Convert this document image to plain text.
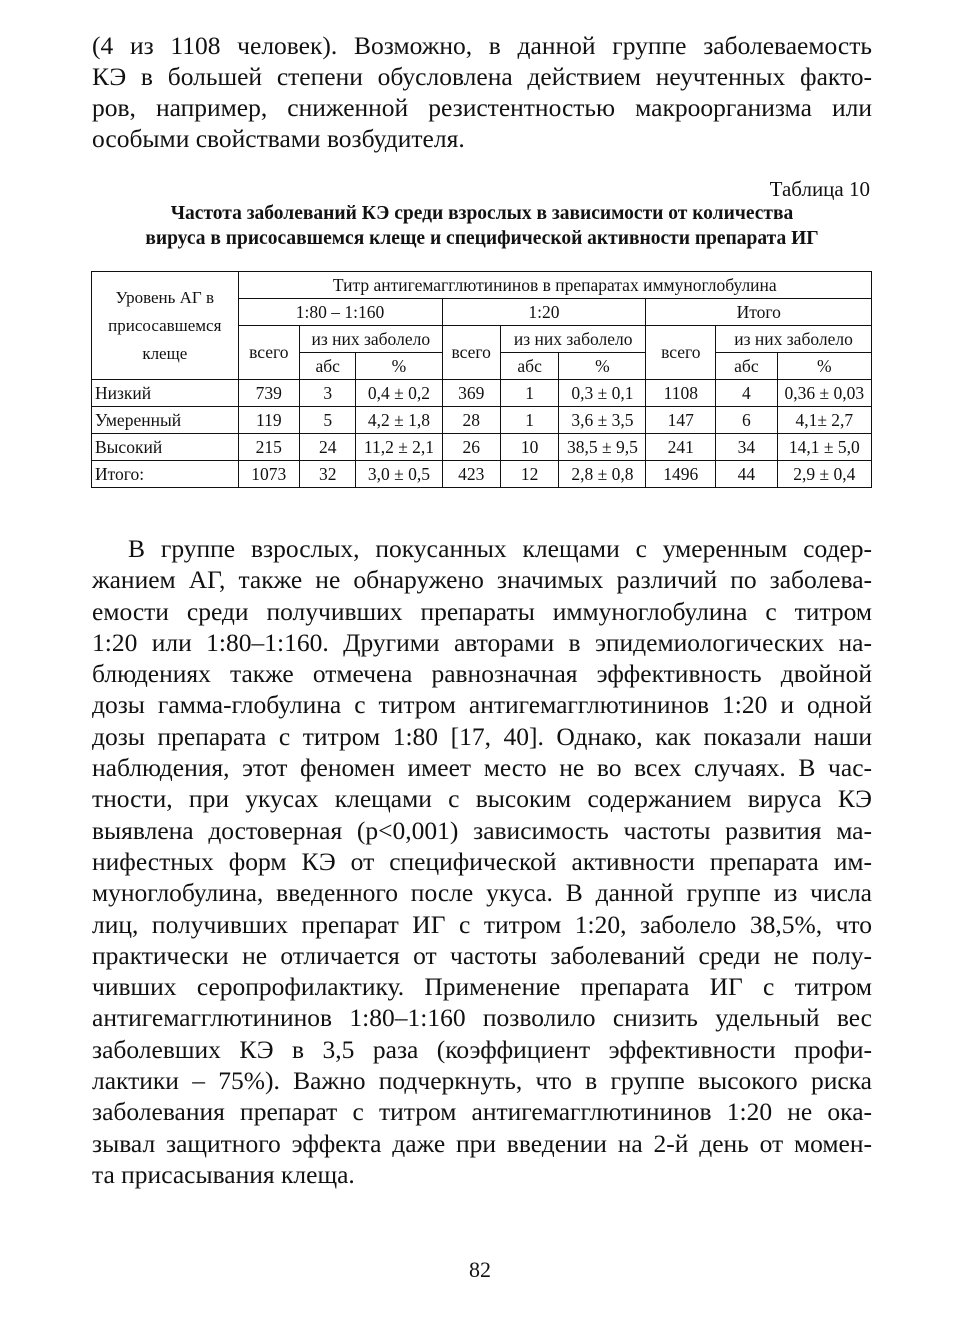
(4 из 1108 человек). Возможно, в данной группе заболеваемость
КЭ в большей степени обусловлена действием неучтенных факто-
ров, например, сниженной резистентностью макроорганизма или
особыми свойствами возбудителя.

Таблица 10
Частота заболеваний КЭ среди взрослых в зависимости от количества
вируса в присосавшемся клеще и специфической активности препарата ИГ
Уровень АГ в
присосавшемся
клеще	Титр антигемагглютининов в препаратах иммуноглобулина								
	1:80 – 1:160			1:20			Итого		
	всего	из них заболело		всего	из них заболело		всего	из них заболело	
		абс	%		абс	%		абс	%
Низкий	739	3	0,4 ± 0,2	369	1	0,3 ± 0,1	1108	4	0,36 ± 0,03
Умеренный	119	5	4,2 ± 1,8	28	1	3,6 ± 3,5	147	6	4,1± 2,7
Высокий	215	24	11,2 ± 2,1	26	10	38,5 ± 9,5	241	34	14,1 ± 5,0
Итого:	1073	32	3,0 ± 0,5	423	12	2,8 ± 0,8	1496	44	2,9 ± 0,4

В группе взрослых, покусанных клещами с умеренным содер-
жанием АГ, также не обнаружено значимых различий по заболева-
емости среди получивших препараты иммуноглобулина с титром
1:20 или 1:80–1:160. Другими авторами в эпидемиологических на-
блюдениях также отмечена равнозначная эффективность двойной
дозы гамма-глобулина с титром антигемагглютининов 1:20 и одной
дозы препарата с титром 1:80 [17, 40]. Однако, как показали наши
наблюдения, этот феномен имеет место не во всех случаях. В час-
тности, при укусах клещами с высоким содержанием вируса КЭ
выявлена достоверная (p<0,001) зависимость частоты развития ма-
нифестных форм КЭ от специфической активности препарата им-
муноглобулина, введенного после укуса. В данной группе из числа
лиц, получивших препарат ИГ с титром 1:20, заболело 38,5%, что
практически не отличается от частоты заболеваний среди не полу-
чивших серопрофилактику. Применение препарата ИГ с титром
антигемагглютининов 1:80–1:160 позволило снизить удельный вес
заболевших КЭ в 3,5 раза (коэффициент эффективности профи-
лактики – 75%). Важно подчеркнуть, что в группе высокого риска
заболевания препарат с титром антигемагглютининов 1:20 не ока-
зывал защитного эффекта даже при введении на 2-й день от момен-
та присасывания клеща.

82
